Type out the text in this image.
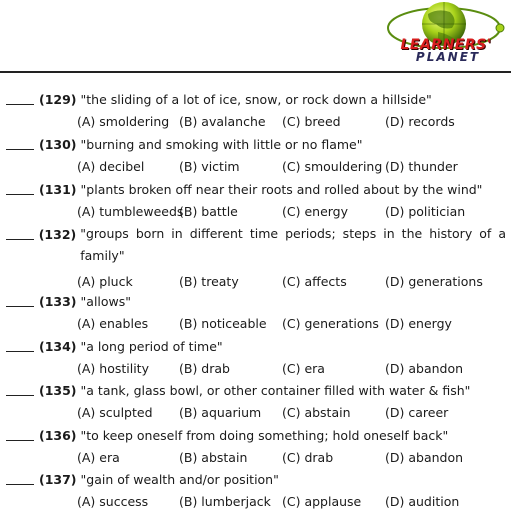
LEARNERS'
PLANET
(129) "the sliding of a lot of ice, snow, or rock down a hillside"
(A) smoldering (B) avalanche (C) breed	(D) records
(130) "burning and smoking with little or no flame"
(A) decibel	(B) victim	(C) smouldering (D) thunder
(131) "plants broken off near their roots and rolled about by the wind"
(A) tumbleweeds
(B) battle	(C) energy	(D) politician
(132) "groups born in different time periods; steps in the history of a family"
(A) pluck	(B) treaty	(C) affects	(D) generations
(133) "allows"
(A) enables (B) noticeable (C) generations (D) energy
(134) "a long period of time"
(A) hostility (B) drab	(C) era	(D) abandon
(135) "a tank, glass bowl, or other container filled with water & fish"
(A) sculpted (B) aquarium (C) abstain	(D) career
(136) "to keep oneself from doing something; hold oneself back"
(A) era	(B) abstain	(C) drab	(D) abandon
(137) "gain of wealth and/or position"
(A) success (B) lumberjack (C) applause (D) audition
